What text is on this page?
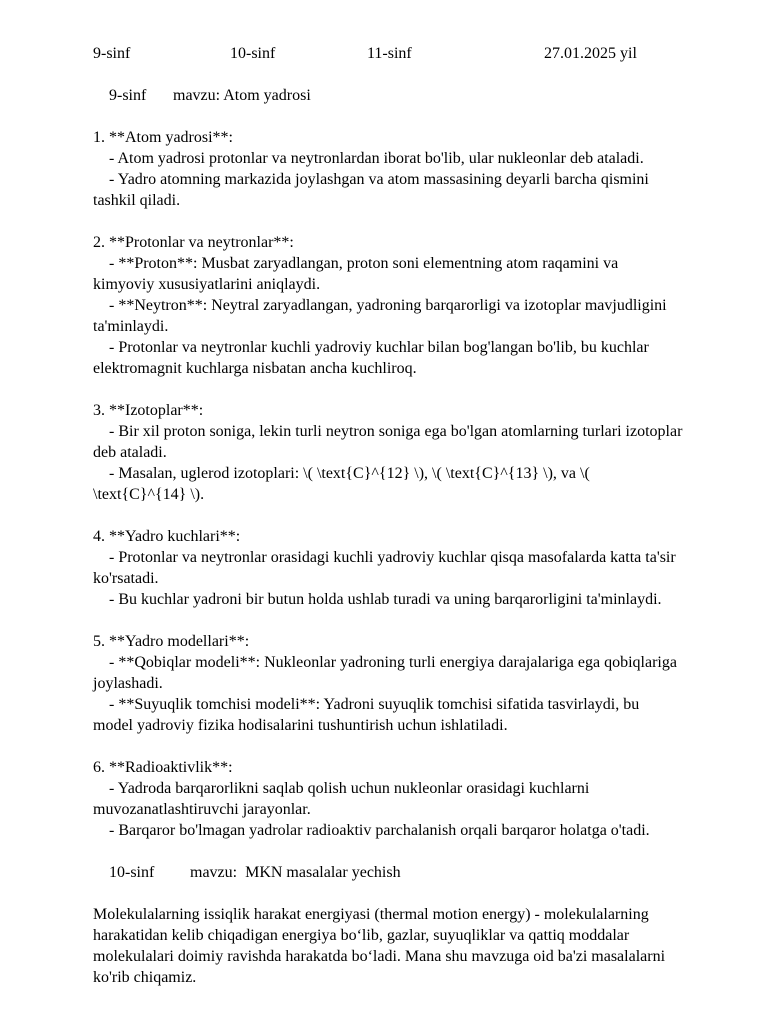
9-sinf	10-sinf	11-sinf	27.01.2025 yil

9-sinf mavzu: Atom yadrosi

1. **Atom yadrosi**:
- Atom yadrosi protonlar va neytronlardan iborat bo'lib, ular nukleonlar deb ataladi.
- Yadro atomning markazida joylashgan va atom massasining deyarli barcha qismini tashkil qiladi.
2. **Protonlar va neytronlar**:
- **Proton**: Musbat zaryadlangan, proton soni elementning atom raqamini va kimyoviy xususiyatlarini aniqlaydi.
- **Neytron**: Neytral zaryadlangan, yadroning barqarorligi va izotoplar mavjudligini ta'minlaydi.
- Protonlar va neytronlar kuchli yadroviy kuchlar bilan bog'langan bo'lib, bu kuchlar elektromagnit kuchlarga nisbatan ancha kuchliroq.
3. **Izotoplar**:
- Bir xil proton soniga, lekin turli neytron soniga ega bo'lgan atomlarning turlari izotoplar deb ataladi.
- Masalan, uglerod izotoplari: \( \text{C}^{12} \), \( \text{C}^{13} \), va \( \text{C}^{14} \).
4. **Yadro kuchlari**:
- Protonlar va neytronlar orasidagi kuchli yadroviy kuchlar qisqa masofalarda katta ta'sir ko'rsatadi.
- Bu kuchlar yadroni bir butun holda ushlab turadi va uning barqarorligini ta'minlaydi.
5. **Yadro modellari**:
- **Qobiqlar modeli**: Nukleonlar yadroning turli energiya darajalariga ega qobiqlariga joylashadi.
- **Suyuqlik tomchisi modeli**: Yadroni suyuqlik tomchisi sifatida tasvirlaydi, bu model yadroviy fizika hodisalarini tushuntirish uchun ishlatiladi.
6. **Radioaktivlik**:
- Yadroda barqarorlikni saqlab qolish uchun nukleonlar orasidagi kuchlarni muvozanatlashtiruvchi jarayonlar.
- Barqaror bo'lmagan yadrolar radioaktiv parchalanish orqali barqaror holatga o'tadi.

10-sinf mavzu:  MKN masalalar yechish

Molekulalarning issiqlik harakat energiyasi (thermal motion energy) - molekulalarning harakatidan kelib chiqadigan energiya bo‘lib, gazlar, suyuqliklar va qattiq moddalar molekulalari doimiy ravishda harakatda bo‘ladi. Mana shu mavzuga oid ba'zi masalalarni ko'rib chiqamiz.
